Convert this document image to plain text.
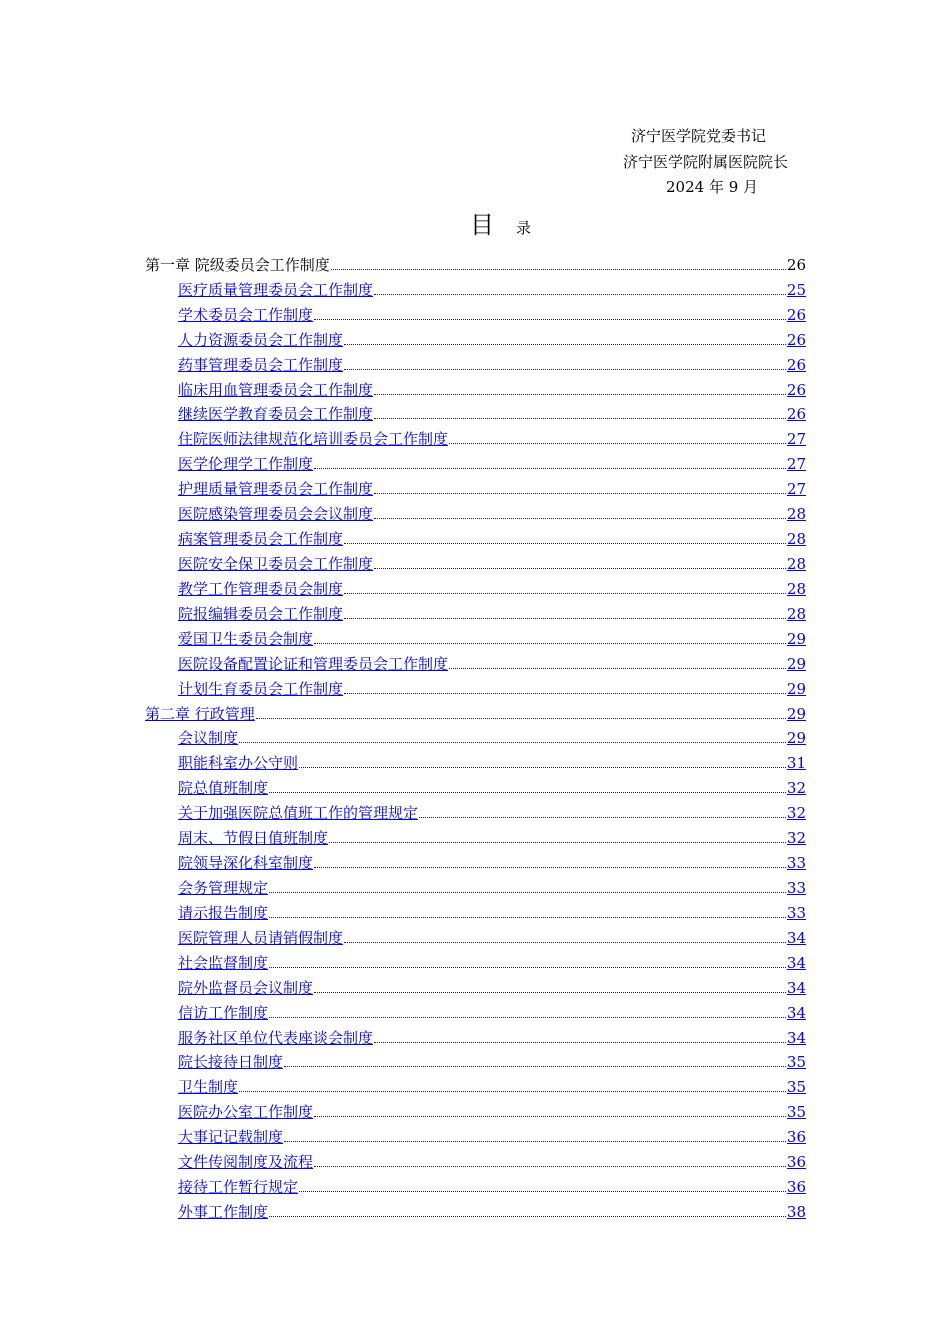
济宁医学院党委书记
济宁医学院附属医院院长
2024 年 9 月
目 录
第一章 院级委员会工作制度	26
医疗质量管理委员会工作制度	25
学术委员会工作制度	26
人力资源委员会工作制度	26
药事管理委员会工作制度	26
临床用血管理委员会工作制度	26
继续医学教育委员会工作制度	26
住院医师法律规范化培训委员会工作制度	27
医学伦理学工作制度	27
护理质量管理委员会工作制度	27
医院感染管理委员会会议制度	28
病案管理委员会工作制度	28
医院安全保卫委员会工作制度	28
教学工作管理委员会制度	28
院报编辑委员会工作制度	28
爱国卫生委员会制度	29
医院设备配置论证和管理委员会工作制度	29
计划生育委员会工作制度	29
第二章 行政管理	29
会议制度	29
职能科室办公守则	31
院总值班制度	32
关于加强医院总值班工作的管理规定	32
周末、节假日值班制度	32
院领导深化科室制度	33
会务管理规定	33
请示报告制度	33
医院管理人员请销假制度	34
社会监督制度	34
院外监督员会议制度	34
信访工作制度	34
服务社区单位代表座谈会制度	34
院长接待日制度	35
卫生制度	35
医院办公室工作制度	35
大事记记载制度	36
文件传阅制度及流程	36
接待工作暂行规定	36
外事工作制度	38
